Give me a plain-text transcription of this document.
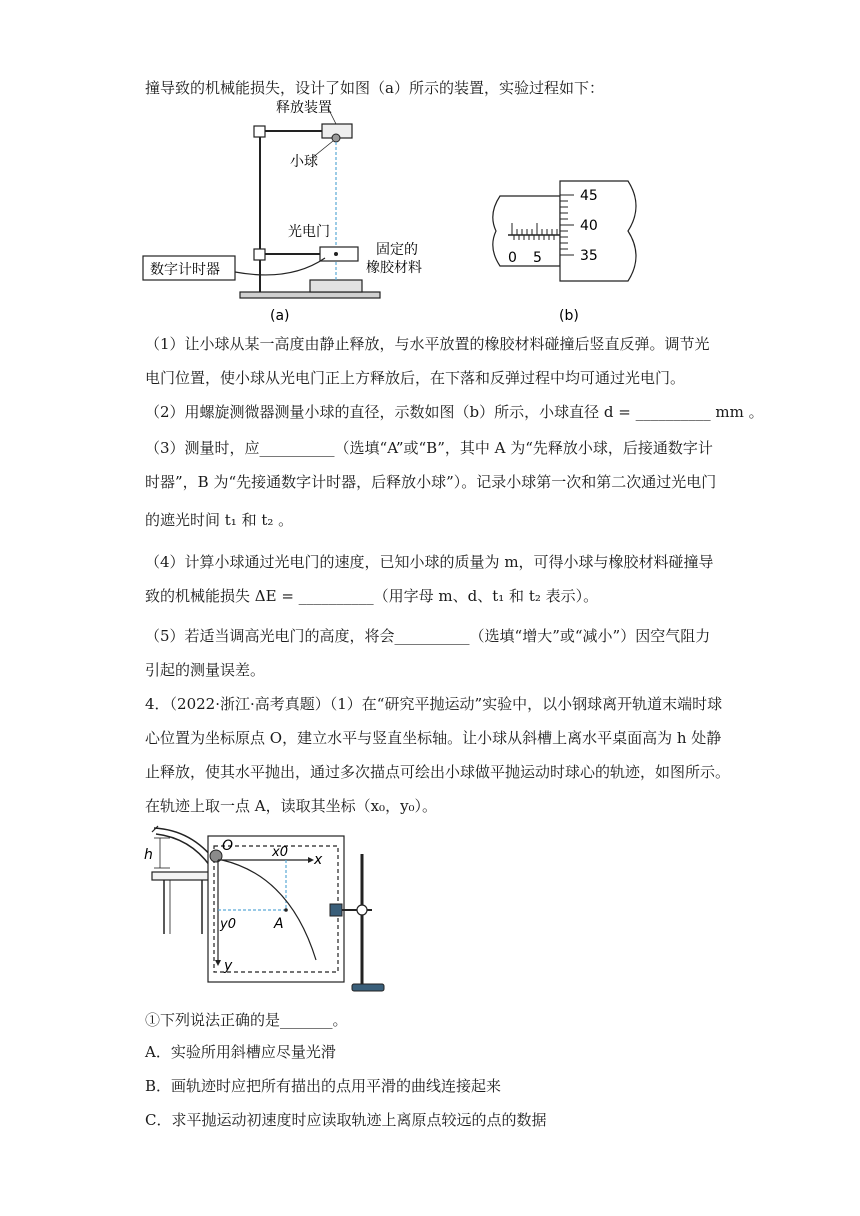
撞导致的机械能损失，设计了如图（a）所示的装置，实验过程如下：
释放装置
小球
光电门
固定的
橡胶材料
数字计时器
(a)
45
40
35
0 5
(b)
（1）让小球从某一高度由静止释放，与水平放置的橡胶材料碰撞后竖直反弹。调节光
电门位置，使小球从光电门正上方释放后，在下落和反弹过程中均可通过光电门。
（2）用螺旋测微器测量小球的直径，示数如图（b）所示，小球直径 d = __________ mm 。
（3）测量时，应__________（选填“A”或“B”，其中 A 为“先释放小球，后接通数字计
时器”，B 为“先接通数字计时器，后释放小球”）。记录小球第一次和第二次通过光电门
的遮光时间 t₁ 和 t₂ 。
（4）计算小球通过光电门的速度，已知小球的质量为 m，可得小球与橡胶材料碰撞导
致的机械能损失 ΔE = __________（用字母 m、d、t₁ 和 t₂ 表示）。
（5）若适当调高光电门的高度，将会__________（选填“增大”或“减小”）因空气阻力
引起的测量误差。
4．（2022·浙江·高考真题）（1）在“研究平抛运动”实验中，以小钢球离开轨道末端时球
心位置为坐标原点 O，建立水平与竖直坐标轴。让小球从斜槽上离水平桌面高为 h 处静
止释放，使其水平抛出，通过多次描点可绘出小球做平抛运动时球心的轨迹，如图所示。
在轨迹上取一点 A，读取其坐标（x₀，y₀）。
h
O
x
y
x0
y0	A
①下列说法正确的是_______。
A．实验所用斜槽应尽量光滑
B．画轨迹时应把所有描出的点用平滑的曲线连接起来
C．求平抛运动初速度时应读取轨迹上离原点较远的点的数据
